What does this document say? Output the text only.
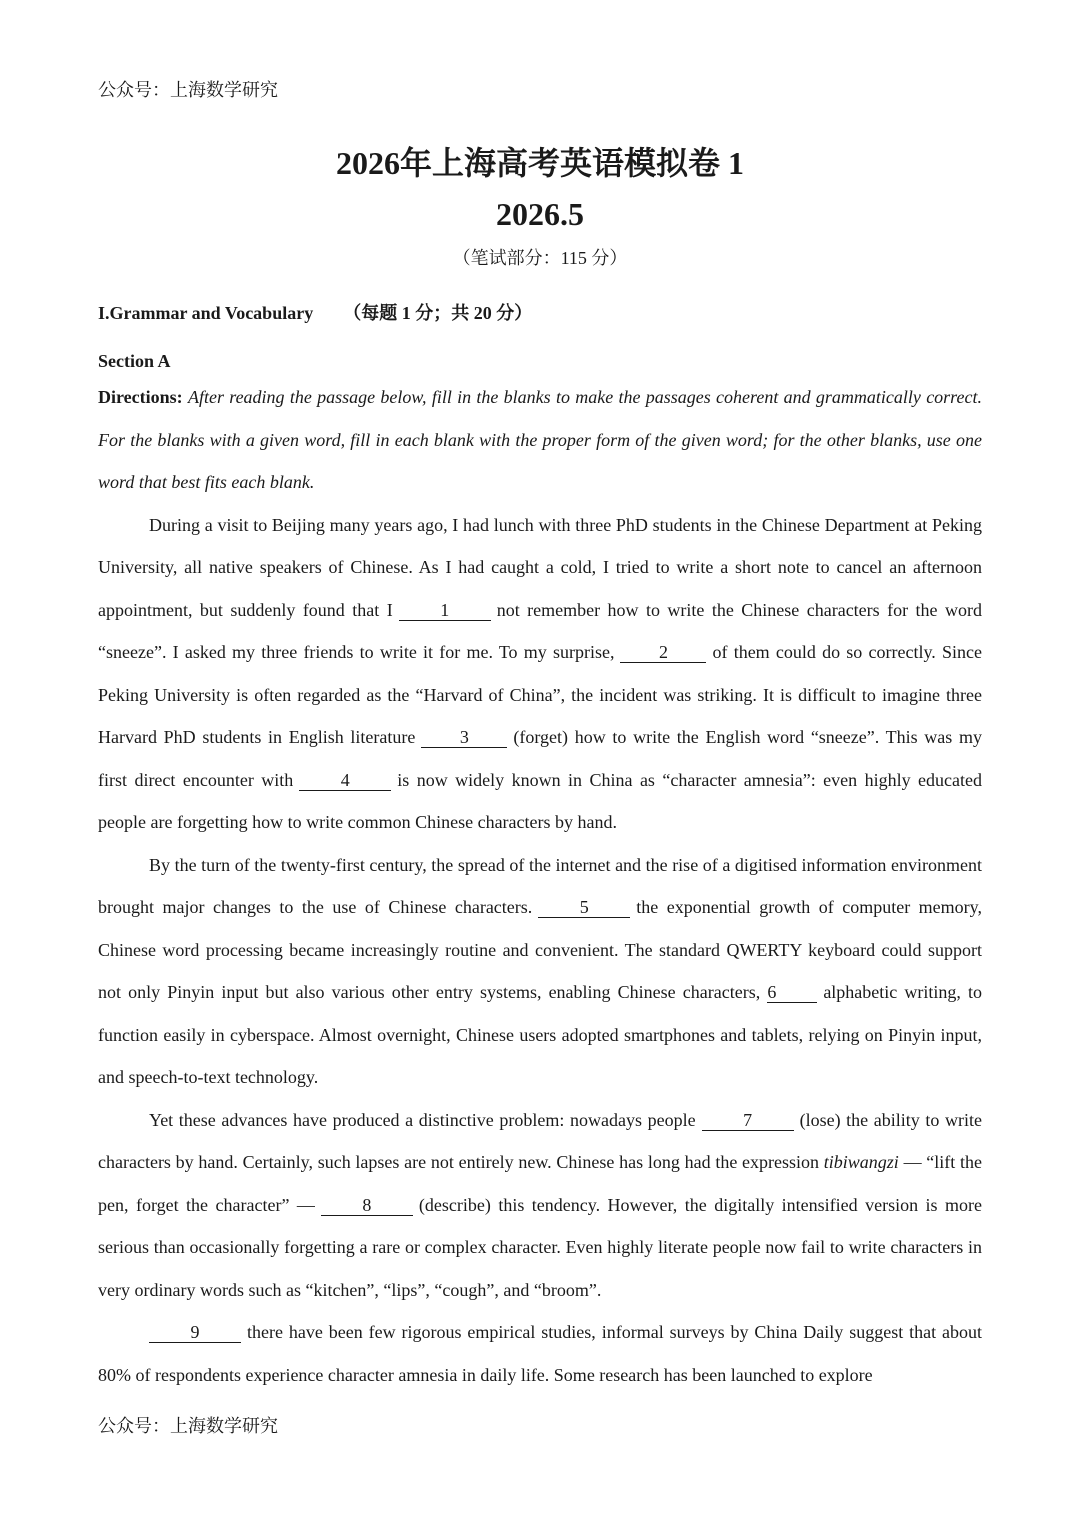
公众号：上海数学研究
2026年上海高考英语模拟卷 1
2026.5
（笔试部分：115 分）
I.Grammar and Vocabulary （每题 1 分；共 20 分）
Section A

Directions: After reading the passage below, fill in the blanks to make the passages coherent and grammatically correct. For the blanks with a given word, fill in each blank with the proper form of the given word; for the other blanks, use one word that best fits each blank.

During a visit to Beijing many years ago, I had lunch with three PhD students in the Chinese Department at Peking University, all native speakers of Chinese. As I had caught a cold, I tried to write a short note to cancel an afternoon appointment, but suddenly found that I	1	not remember how to write the Chinese characters for the word “sneeze”. I asked my three friends to write it for me. To my surprise, 2 of them could do so correctly. Since Peking University is often regarded as the “Harvard of China”, the incident was striking. It is difficult to imagine three Harvard PhD students in English literature 3 (forget) how to write the English word “sneeze”. This was my first direct encounter with	4	is now widely known in China as “character amnesia”: even highly educated people are forgetting how to write common Chinese characters by hand.

By the turn of the twenty-first century, the spread of the internet and the rise of a digitised information environment brought major changes to the use of Chinese characters.	5	the exponential growth of computer memory, Chinese word processing became increasingly routine and convenient. The standard QWERTY keyboard could support not only Pinyin input but also various other entry systems, enabling Chinese characters, 6	alphabetic writing, to function easily in cyberspace. Almost overnight, Chinese users adopted smartphones and tablets, relying on Pinyin input, and speech-to-text technology.

Yet these advances have produced a distinctive problem: nowadays people	7	(lose) the ability to write characters by hand. Certainly, such lapses are not entirely new. Chinese has long had the expression tibiwangzi — “lift the pen, forget the character” —	8	(describe) this tendency. However, the digitally intensified version is more serious than occasionally forgetting a rare or complex character. Even highly literate people now fail to write characters in very ordinary words such as “kitchen”, “lips”, “cough”, and “broom”.

9	there have been few rigorous empirical studies, informal surveys by China Daily suggest that about 80% of respondents experience character amnesia in daily life. Some research has been launched to explore

公众号：上海数学研究
